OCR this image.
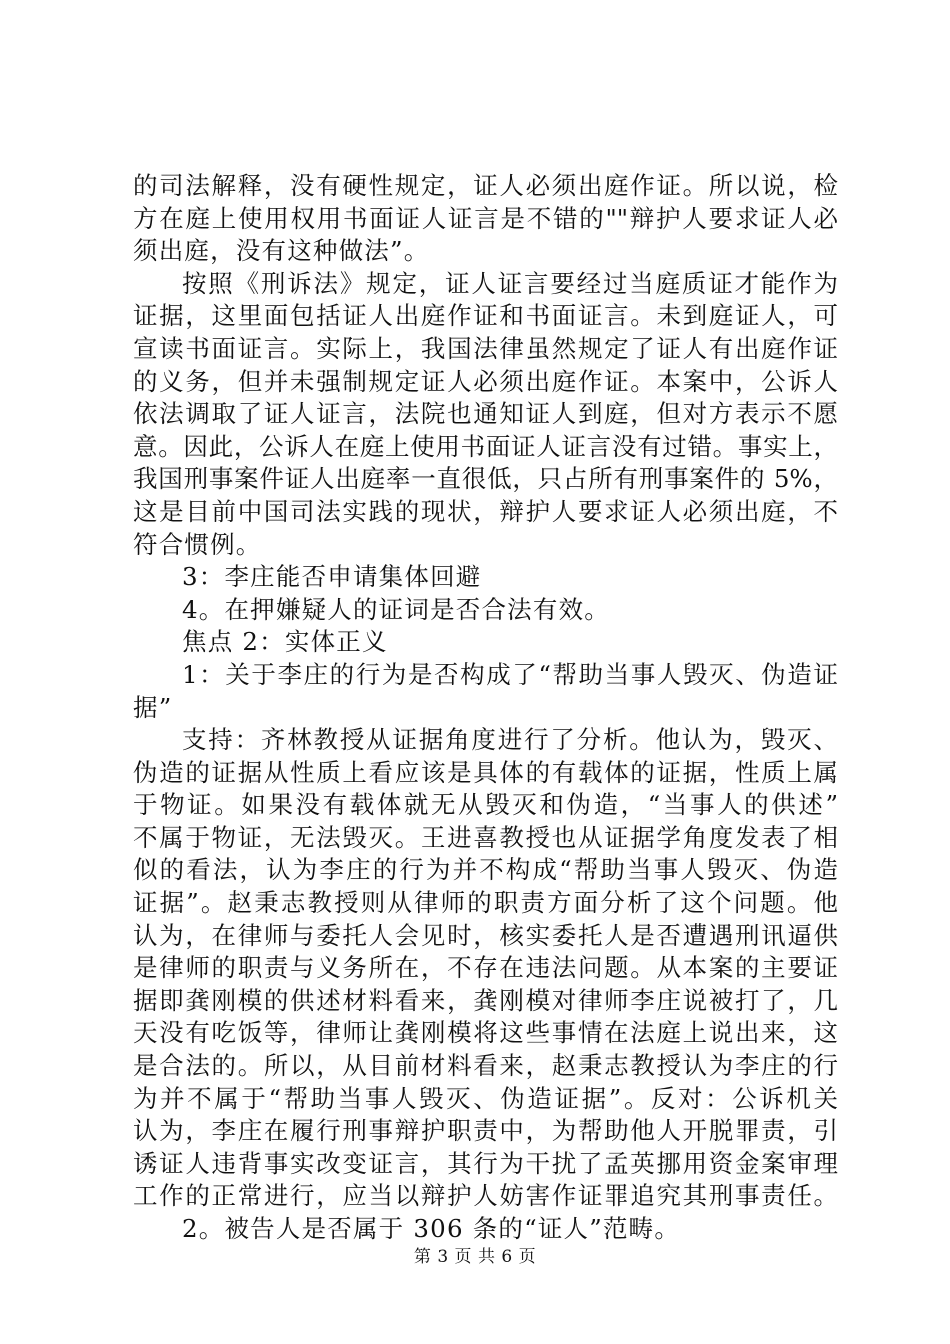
的司法解释，没有硬性规定，证人必须出庭作证。所以说，检
方在庭上使用权用书面证人证言是不错的""辩护人要求证人必
须出庭，没有这种做法”。
按照《刑诉法》规定，证人证言要经过当庭质证才能作为
证据，这里面包括证人出庭作证和书面证言。未到庭证人，可
宣读书面证言。实际上，我国法律虽然规定了证人有出庭作证
的义务，但并未强制规定证人必须出庭作证。本案中，公诉人
依法调取了证人证言，法院也通知证人到庭，但对方表示不愿
意。因此，公诉人在庭上使用书面证人证言没有过错。事实上，
我国刑事案件证人出庭率一直很低，只占所有刑事案件的 5%，
这是目前中国司法实践的现状，辩护人要求证人必须出庭，不
符合惯例。
3：李庄能否申请集体回避
4。在押嫌疑人的证词是否合法有效。
焦点 2：实体正义
1：关于李庄的行为是否构成了“帮助当事人毁灭、伪造证
据”
支持：齐林教授从证据角度进行了分析。他认为，毁灭、
伪造的证据从性质上看应该是具体的有载体的证据，性质上属
于物证。如果没有载体就无从毁灭和伪造，“当事人的供述”
不属于物证，无法毁灭。王进喜教授也从证据学角度发表了相
似的看法，认为李庄的行为并不构成“帮助当事人毁灭、伪造
证据”。赵秉志教授则从律师的职责方面分析了这个问题。他
认为，在律师与委托人会见时，核实委托人是否遭遇刑讯逼供
是律师的职责与义务所在，不存在违法问题。从本案的主要证
据即龚刚模的供述材料看来，龚刚模对律师李庄说被打了，几
天没有吃饭等，律师让龚刚模将这些事情在法庭上说出来，这
是合法的。所以，从目前材料看来，赵秉志教授认为李庄的行
为并不属于“帮助当事人毁灭、伪造证据”。反对：公诉机关
认为，李庄在履行刑事辩护职责中，为帮助他人开脱罪责，引
诱证人违背事实改变证言，其行为干扰了孟英挪用资金案审理
工作的正常进行，应当以辩护人妨害作证罪追究其刑事责任。
2。被告人是否属于 306 条的“证人”范畴。
第 3 页 共 6 页
